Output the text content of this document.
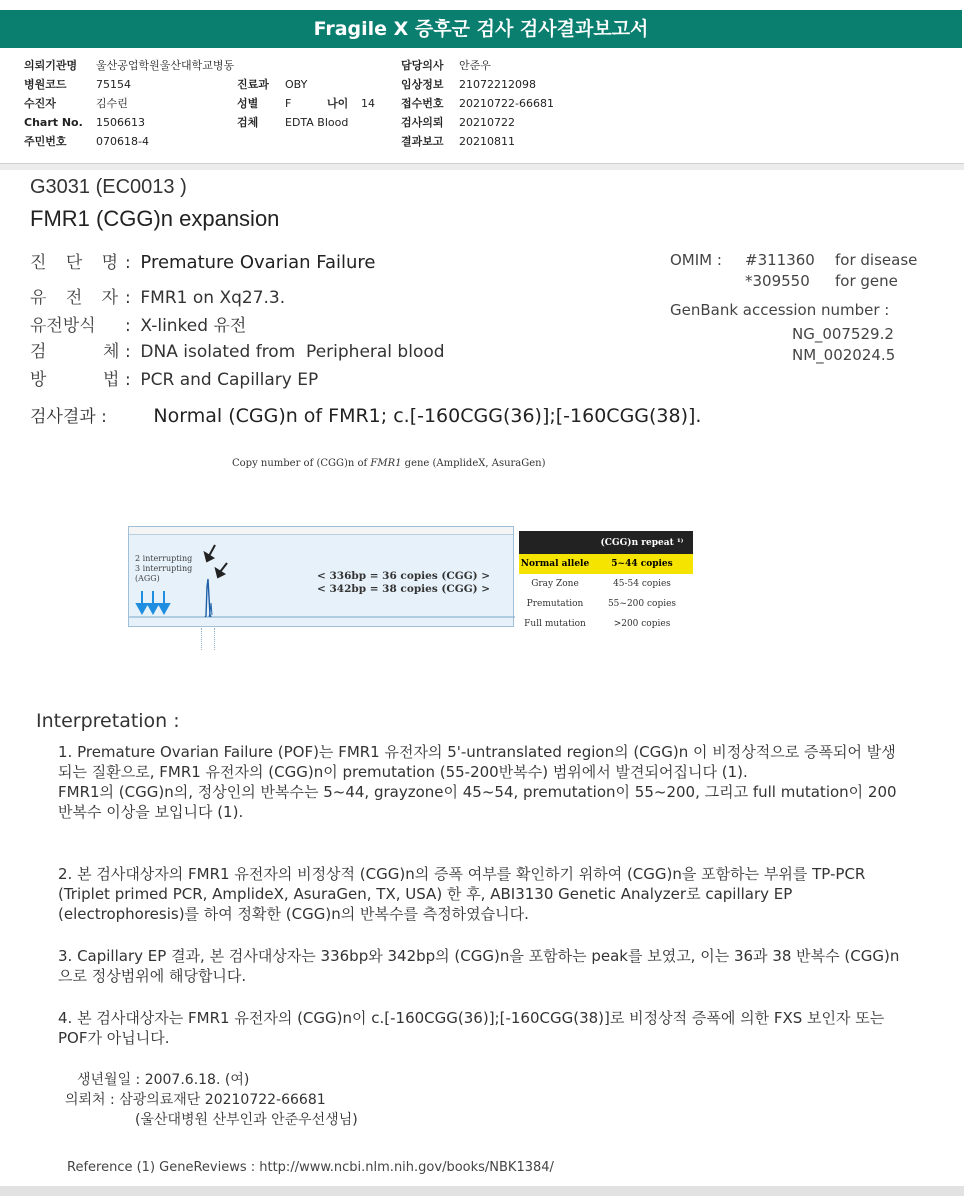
Fragile X 증후군 검사 검사결과보고서
의뢰기관명	울산공업학원울산대학교병동
병원코드	75154
수진자	김수린
Chart No.	1506613
주민번호	070618-4
진료과	OBY
성별	F	나이	14
검체	EDTA Blood
담당의사	안준우
임상정보	21072212098
접수번호	20210722-66681
검사의뢰	20210722
결과보고	20210811
G3031 (EC0013 )
FMR1 (CGG)n expansion
진 단 명: Premature Ovarian Failure
유 전 자: FMR1 on Xq27.3.
유전방식 : X-linked 유전
검    체: DNA isolated from  Peripheral blood
방    법: PCR and Capillary EP
OMIM : #311360 for disease
*309550 for gene
GenBank accession number :
NG_007529.2
NM_002024.5
검사결과 : Normal (CGG)n of FMR1; c.[-160CGG(36)];[-160CGG(38)].
Copy number of (CGG)n of FMR1 gene (AmplideX, AsuraGen)
2 interrupting
3 interrupting
(AGG)	< 336bp = 36 copies (CGG) >
< 342bp = 38 copies (CGG) >
	(CGG)n repeat ¹⁾
Normal allele	5~44 copies
Gray Zone	45-54 copies
Premutation	55~200 copies
Full mutation	>200 copies
Interpretation :
1. Premature Ovarian Failure (POF)는 FMR1 유전자의 5'-untranslated region의 (CGG)n 이 비정상적으로 증폭되어 발생되는 질환으로, FMR1 유전자의 (CGG)n이 premutation (55-200반복수) 범위에서 발견되어집니다 (1).
FMR1의 (CGG)n의, 정상인의 반복수는 5~44, grayzone이 45~54, premutation이 55~200, 그리고 full mutation이 200반복수 이상을 보입니다 (1).
2. 본 검사대상자의 FMR1 유전자의 비정상적 (CGG)n의 증폭 여부를 확인하기 위하여 (CGG)n을 포함하는 부위를 TP-PCR (Triplet primed PCR, AmplideX, AsuraGen, TX, USA) 한 후, ABI3130 Genetic Analyzer로 capillary EP (electrophoresis)를 하여 정확한 (CGG)n의 반복수를 측정하였습니다.
3. Capillary EP 결과, 본 검사대상자는 336bp와 342bp의 (CGG)n을 포함하는 peak를 보였고, 이는 36과 38 반복수 (CGG)n으로 정상범위에 해당합니다.
4. 본 검사대상자는 FMR1 유전자의 (CGG)n이 c.[-160CGG(36)];[-160CGG(38)]로 비정상적 증폭에 의한 FXS 보인자 또는 POF가 아닙니다.
생년월일 : 2007.6.18. (여)
의뢰처 : 삼광의료재단 20210722-66681
(울산대병원 산부인과 안준우선생님)
Reference (1) GeneReviews : http://www.ncbi.nlm.nih.gov/books/NBK1384/
